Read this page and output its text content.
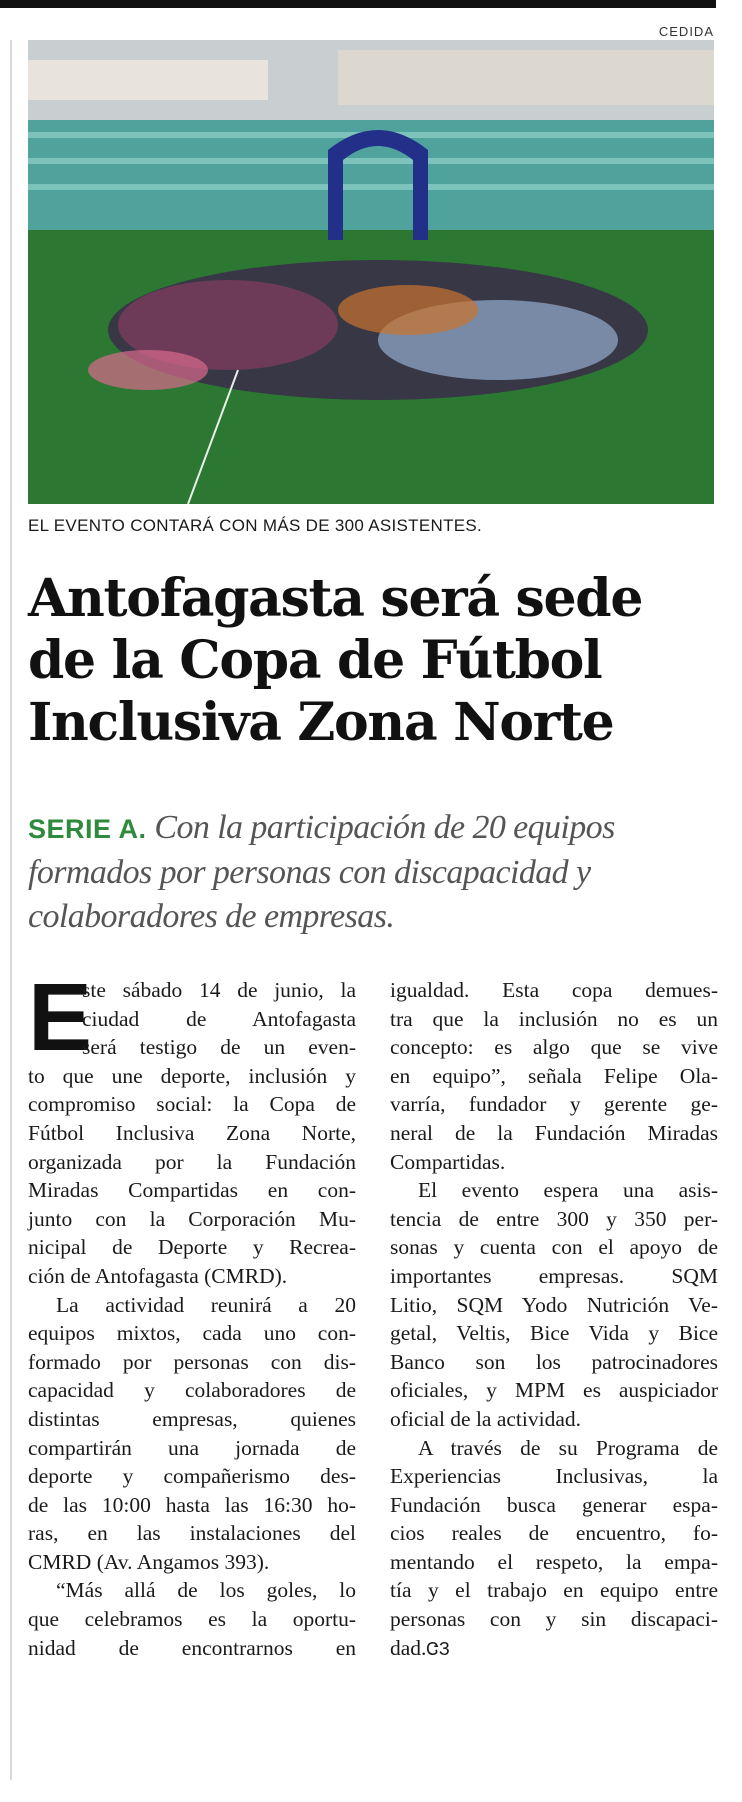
CEDIDA
EL EVENTO CONTARÁ CON MÁS DE 300 ASISTENTES.
Antofagasta será sede
de la Copa de Fútbol
Inclusiva Zona Norte
SERIE A. Con la participación de 20 equipos
formados por personas con discapacidad y
colaboradores de empresas.
E
ste sábado 14 de junio, la
ciudad de Antofagasta
será testigo de un even-
to que une deporte, inclusión y
compromiso social: la Copa de
Fútbol Inclusiva Zona Norte,
organizada por la Fundación
Miradas Compartidas en con-
junto con la Corporación Mu-
nicipal de Deporte y Recrea-
ción de Antofagasta (CMRD).
La actividad reunirá a 20
equipos mixtos, cada uno con-
formado por personas con dis-
capacidad y colaboradores de
distintas empresas, quienes
compartirán una jornada de
deporte y compañerismo des-
de las 10:00 hasta las 16:30 ho-
ras, en las instalaciones del
CMRD (Av. Angamos 393).
“Más allá de los goles, lo
que celebramos es la oportu-
nidad de encontrarnos en
igualdad. Esta copa demues-
tra que la inclusión no es un
concepto: es algo que se vive
en equipo”, señala Felipe Ola-
varría, fundador y gerente ge-
neral de la Fundación Miradas
Compartidas.
El evento espera una asis-
tencia de entre 300 y 350 per-
sonas y cuenta con el apoyo de
importantes empresas. SQM
Litio, SQM Yodo Nutrición Ve-
getal, Veltis, Bice Vida y Bice
Banco son los patrocinadores
oficiales, y MPM es auspiciador
oficial de la actividad.
A través de su Programa de
Experiencias Inclusivas, la
Fundación busca generar espa-
cios reales de encuentro, fo-
mentando el respeto, la empa-
tía y el trabajo en equipo entre
personas con y sin discapaci-
dad.ᏣЗ
